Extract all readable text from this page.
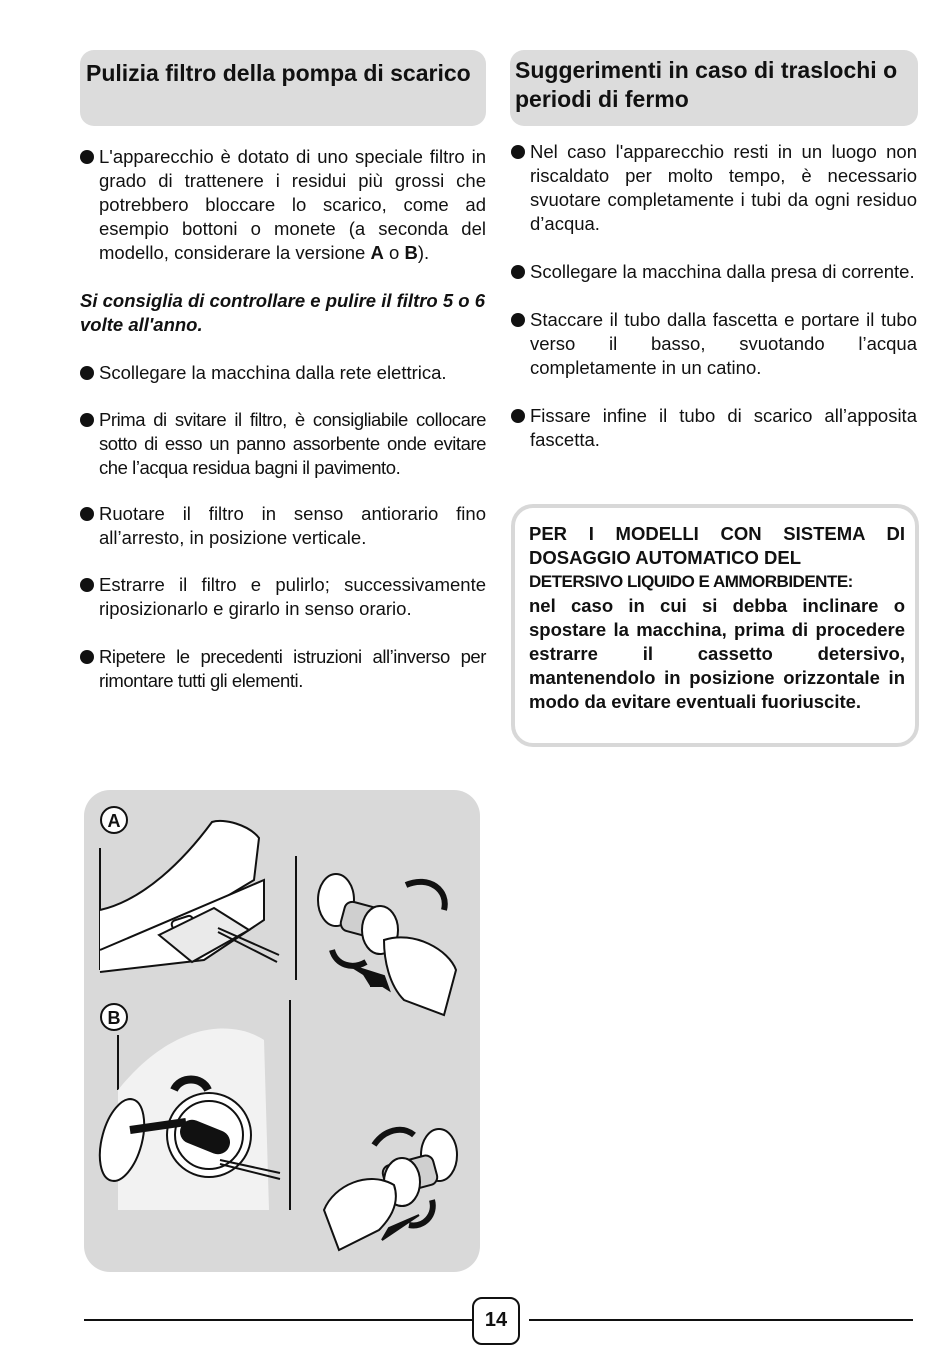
Pulizia filtro della pompa di scarico	Suggerimenti in caso di traslochi o periodi di fermo
L'apparecchio è dotato di uno speciale filtro in grado di trattenere i residui più grossi che potrebbero bloccare lo scarico, come ad esempio bottoni o monete (a seconda del modello, considerare la versione A o B).

Si consiglia di controllare e pulire il filtro 5 o 6 volte all'anno.

Scollegare la macchina dalla rete elettrica.
Prima di svitare il filtro, è consigliabile collocare sotto di esso un panno assorbente onde evitare che l’acqua residua bagni il pavimento.
Ruotare il filtro in senso antiorario fino all’arresto, in posizione verticale.
Estrarre il filtro e pulirlo; successivamente riposizionarlo e girarlo in senso orario.
Ripetere le precedenti istruzioni all’inverso per rimontare tutti gli elementi.
Nel caso l'apparecchio resti in un luogo non riscaldato per molto tempo, è necessario svuotare completamente i tubi da ogni residuo d’acqua.
Scollegare la macchina dalla presa di corrente.
Staccare il tubo dalla fascetta e portare il tubo verso il basso, svuotando l’acqua completamente in un catino.
Fissare infine il tubo di scarico all’apposita fascetta.
PER I MODELLI CON SISTEMA DI DOSAGGIO AUTOMATICO DEL
DETERSIVO LIQUIDO E AMMORBIDENTE:
nel caso in cui si debba inclinare o spostare la macchina, prima di procedere estrarre il cassetto detersivo, mantenendolo in posizione orizzontale in modo da evitare eventuali fuoriuscite.
A
B
14
